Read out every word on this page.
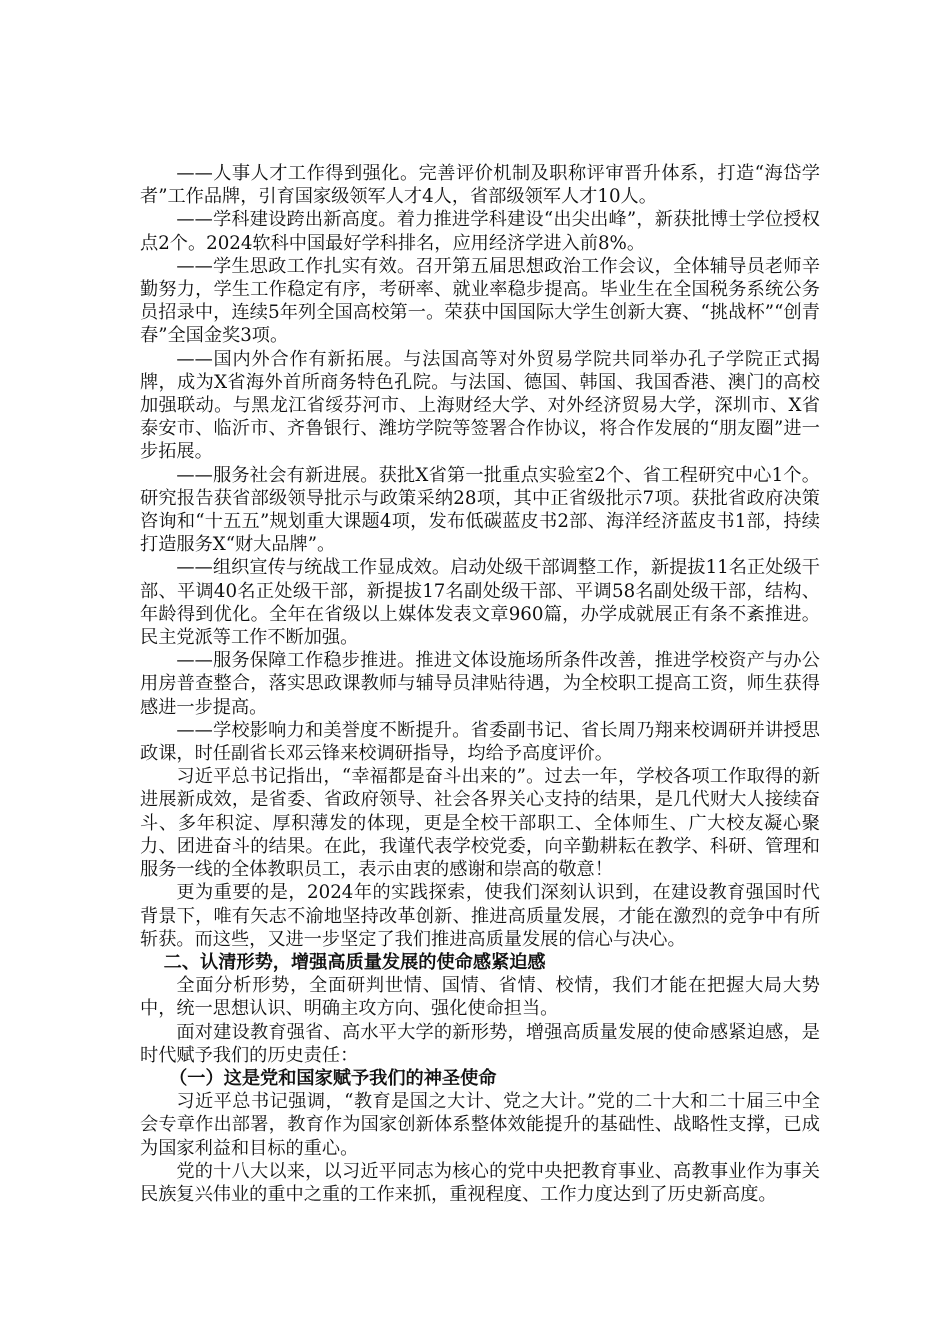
——人事人才工作得到强化。完善评价机制及职称评审晋升体系，打造“海岱学者”工作品牌，引育国家级领军人才4人，省部级领军人才10人。

——学科建设跨出新高度。着力推进学科建设“出尖出峰”，新获批博士学位授权点2个。2024软科中国最好学科排名，应用经济学进入前8%。

——学生思政工作扎实有效。召开第五届思想政治工作会议，全体辅导员老师辛勤努力，学生工作稳定有序，考研率、就业率稳步提高。毕业生在全国税务系统公务员招录中，连续5年列全国高校第一。荣获中国国际大学生创新大赛、“挑战杯”“创青春”全国金奖3项。

——国内外合作有新拓展。与法国高等对外贸易学院共同举办孔子学院正式揭牌，成为X省海外首所商务特色孔院。与法国、德国、韩国、我国香港、澳门的高校加强联动。与黑龙江省绥芬河市、上海财经大学、对外经济贸易大学，深圳市、X省泰安市、临沂市、齐鲁银行、潍坊学院等签署合作协议，将合作发展的“朋友圈”进一步拓展。

——服务社会有新进展。获批X省第一批重点实验室2个、省工程研究中心1个。研究报告获省部级领导批示与政策采纳28项，其中正省级批示7项。获批省政府决策咨询和“十五五”规划重大课题4项，发布低碳蓝皮书2部、海洋经济蓝皮书1部，持续打造服务X“财大品牌”。

——组织宣传与统战工作显成效。启动处级干部调整工作，新提拔11名正处级干部、平调40名正处级干部，新提拔17名副处级干部、平调58名副处级干部，结构、年龄得到优化。全年在省级以上媒体发表文章960篇，办学成就展正有条不紊推进。民主党派等工作不断加强。

——服务保障工作稳步推进。推进文体设施场所条件改善，推进学校资产与办公用房普查整合，落实思政课教师与辅导员津贴待遇，为全校职工提高工资，师生获得感进一步提高。

——学校影响力和美誉度不断提升。省委副书记、省长周乃翔来校调研并讲授思政课，时任副省长邓云锋来校调研指导，均给予高度评价。

习近平总书记指出，“幸福都是奋斗出来的”。过去一年，学校各项工作取得的新进展新成效，是省委、省政府领导、社会各界关心支持的结果，是几代财大人接续奋斗、多年积淀、厚积薄发的体现，更是全校干部职工、全体师生、广大校友凝心聚力、团进奋斗的结果。在此，我谨代表学校党委，向辛勤耕耘在教学、科研、管理和服务一线的全体教职员工，表示由衷的感谢和崇高的敬意！

更为重要的是，2024年的实践探索，使我们深刻认识到，在建设教育强国时代背景下，唯有矢志不渝地坚持改革创新、推进高质量发展，才能在激烈的竞争中有所斩获。而这些，又进一步坚定了我们推进高质量发展的信心与决心。

二、认清形势，增强高质量发展的使命感紧迫感

全面分析形势，全面研判世情、国情、省情、校情，我们才能在把握大局大势中，统一思想认识、明确主攻方向、强化使命担当。

面对建设教育强省、高水平大学的新形势，增强高质量发展的使命感紧迫感，是时代赋予我们的历史责任：

（一）这是党和国家赋予我们的神圣使命

习近平总书记强调，“教育是国之大计、党之大计。”党的二十大和二十届三中全会专章作出部署，教育作为国家创新体系整体效能提升的基础性、战略性支撑，已成为国家利益和目标的重心。

党的十八大以来，以习近平同志为核心的党中央把教育事业、高教事业作为事关民族复兴伟业的重中之重的工作来抓，重视程度、工作力度达到了历史新高度。
